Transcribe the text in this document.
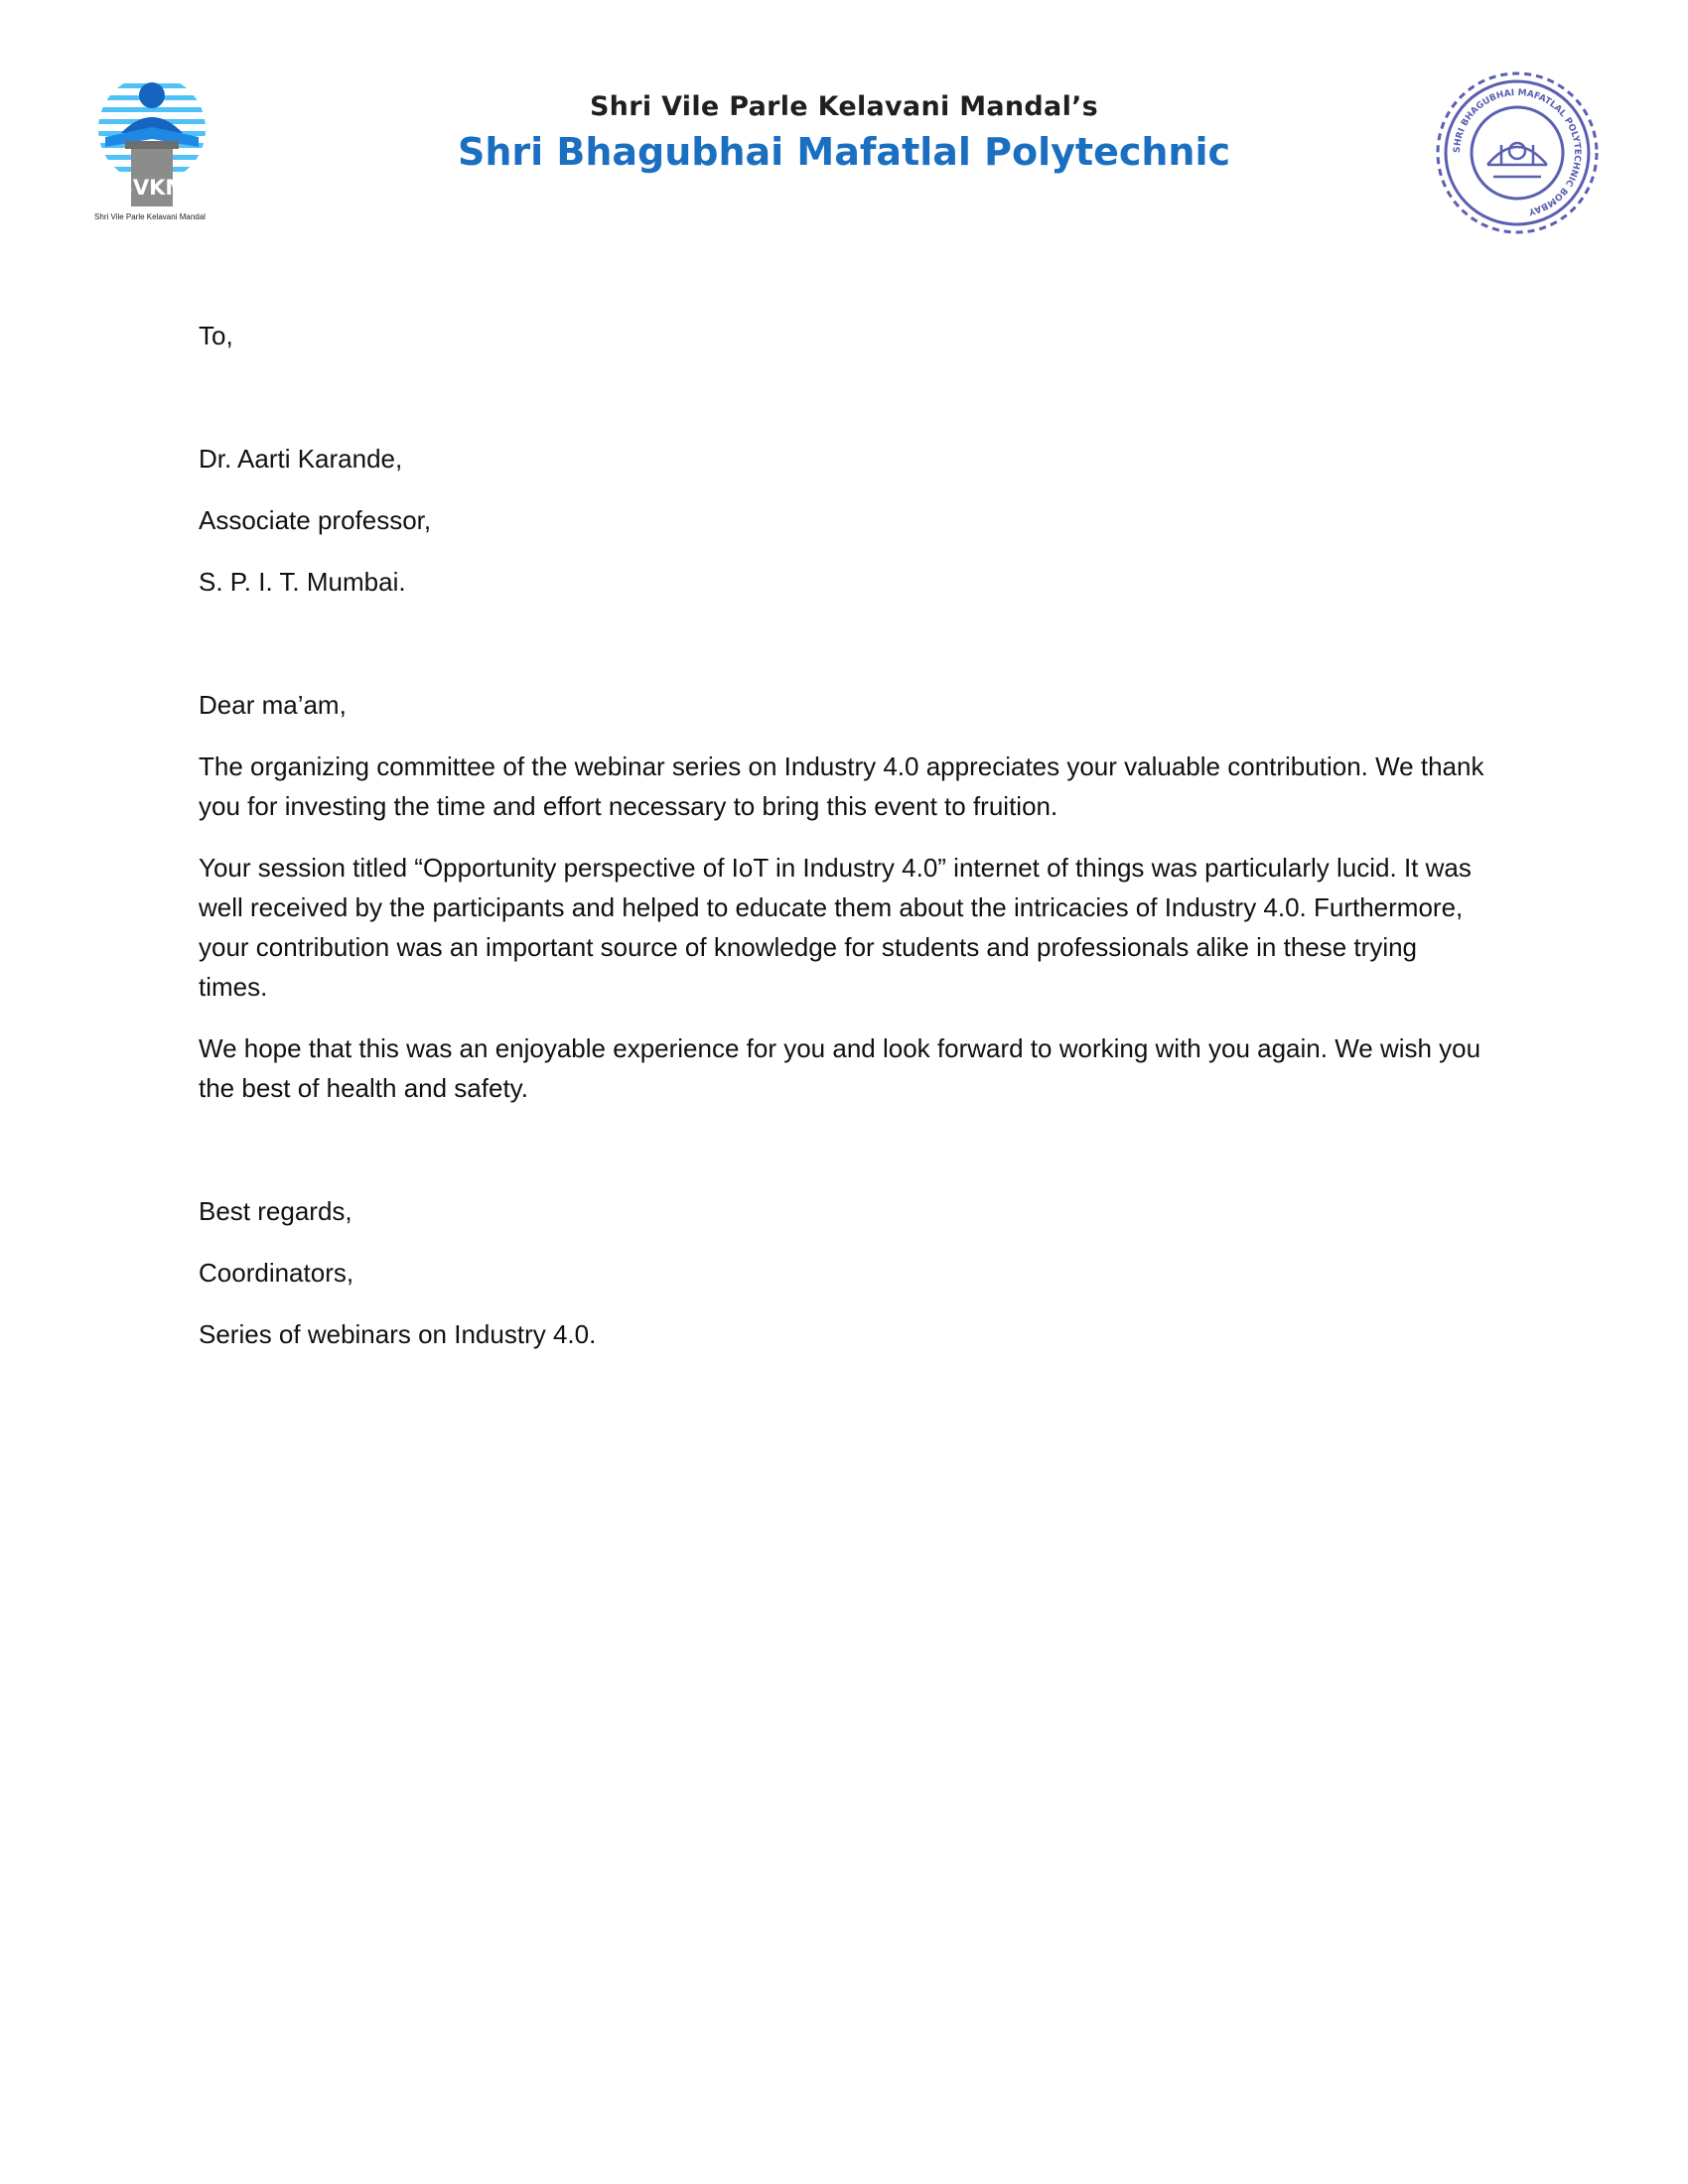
SVKM
Shri Vile Parle Kelavani Mandal
Shri Vile Parle Kelavani Mandal’s
Shri Bhagubhai Mafatlal Polytechnic	SHRI BHAGUBHAI MAFATLAL POLYTECHNIC BOMBAY

To,

Dr. Aarti Karande,

Associate professor,

S. P. I. T. Mumbai.

Dear ma’am,

The organizing committee of the webinar series on Industry 4.0 appreciates your valuable contribution. We thank you for investing the time and effort necessary to bring this event to fruition.

Your session titled “Opportunity perspective of IoT in Industry 4.0” internet of things was particularly lucid. It was well received by the participants and helped to educate them about the intricacies of Industry 4.0. Furthermore, your contribution was an important source of knowledge for students and professionals alike in these trying times.

We hope that this was an enjoyable experience for you and look forward to working with you again. We wish you the best of health and safety.

Best regards,

Coordinators,

Series of webinars on Industry 4.0.
